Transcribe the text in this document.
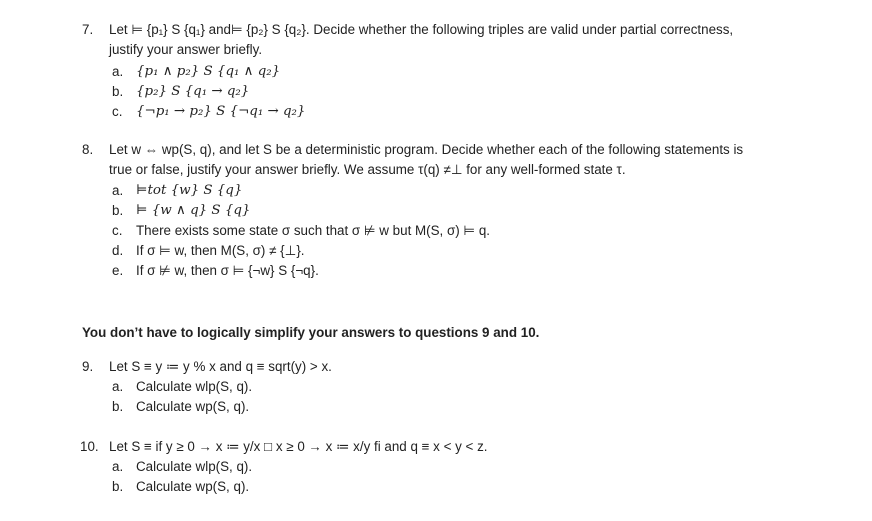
7. Let ⊨ {p₁} S {q₁} and⊨ {p₂} S {q₂}. Decide whether the following triples are valid under partial correctness,
justify your answer briefly.
a. {p₁ ∧ p₂} S {q₁ ∧ q₂}
b. {p₂} S {q₁ → q₂}
c. {¬p₁ → p₂} S {¬q₁ → q₂}
8. Let w ⇔ wp(S, q), and let S be a deterministic program. Decide whether each of the following statements is
true or false, justify your answer briefly. We assume τ(q) ≠⊥ for any well-formed state τ.
a. ⊨tot {w} S {q}
b. ⊨ {w ∧ q} S {q}
c. There exists some state σ such that σ ⊭ w but M(S, σ) ⊨ q.
d. If σ ⊨ w, then M(S, σ) ≠ {⊥}.
e. If σ ⊭ w, then σ ⊨ {¬w} S {¬q}.
You don’t have to logically simplify your answers to questions 9 and 10.
9. Let S ≡ y ≔ y % x and q ≡ sqrt(y) > x.
a. Calculate wlp(S, q).
b. Calculate wp(S, q).
10. Let S ≡ if y ≥ 0 → x ≔ y/x □ x ≥ 0 → x ≔ x/y fi and q ≡ x < y < z.
a. Calculate wlp(S, q).
b. Calculate wp(S, q).
